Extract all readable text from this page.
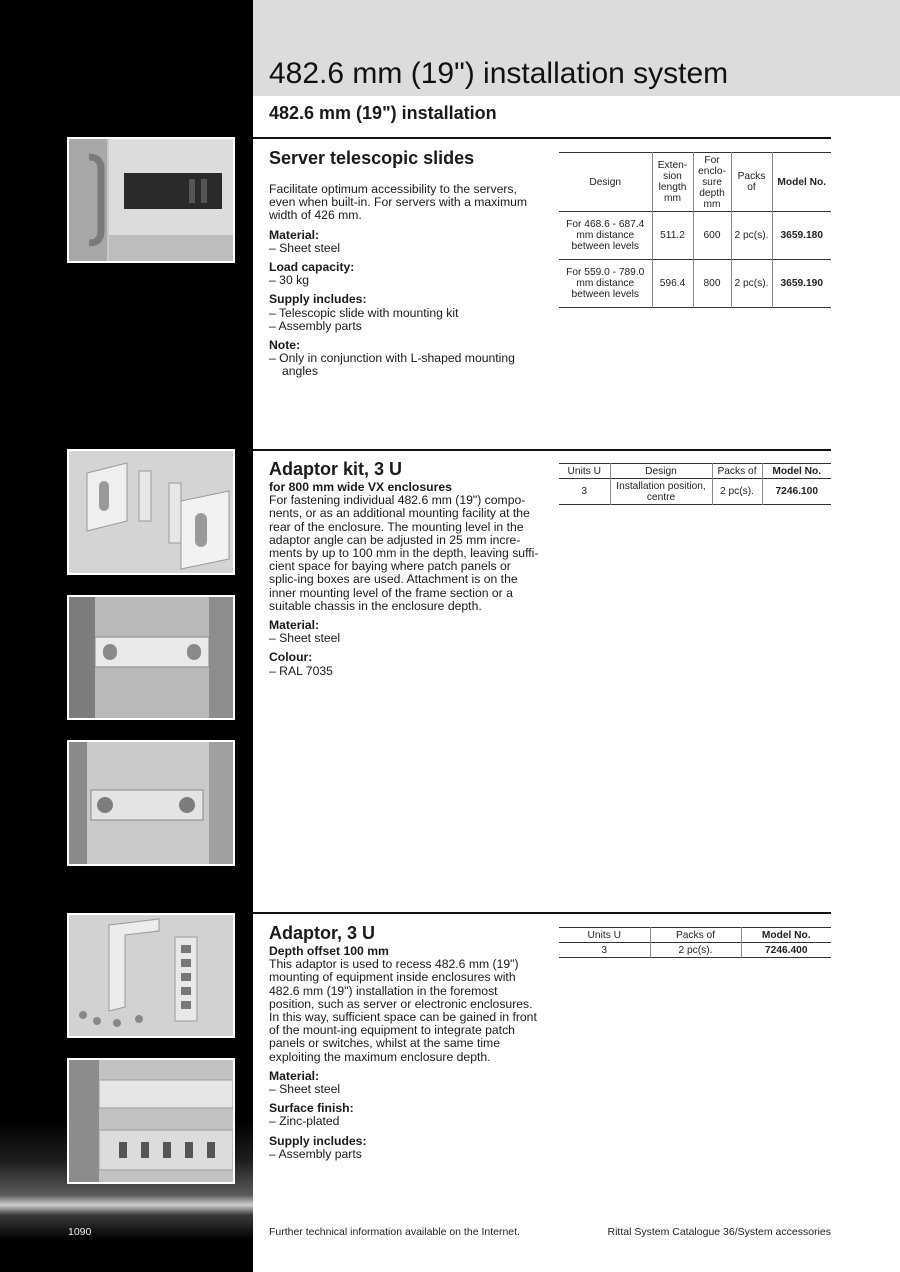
482.6 mm (19") installation system
482.6 mm (19") installation
Server telescopic slides

Facilitate optimum accessibility to the servers, even when built-in. For servers with a maximum width of 426 mm.

Material:

– Sheet steel

Load capacity:

– 30 kg

Supply includes:

– Telescopic slide with mounting kit

– Assembly parts

Note:

– Only in conjunction with L-shaped mounting angles

Design	Exten-sion length mm	For enclo-sure depth mm	Packs of	Model No.
For 468.6 - 687.4 mm distance between levels	511.2	600	2 pc(s).	3659.180
For 559.0 - 789.0 mm distance between levels	596.4	800	2 pc(s).	3659.190
Adaptor kit, 3 U

for 800 mm wide VX enclosures

For fastening individual 482.6 mm (19") compo-nents, or as an additional mounting facility at the rear of the enclosure. The mounting level in the adaptor angle can be adjusted in 25 mm incre-ments by up to 100 mm in the depth, leaving suffi-cient space for baying where patch panels or splic-ing boxes are used. Attachment is on the inner mounting level of the frame section or a suitable chassis in the enclosure depth.

Material:

– Sheet steel

Colour:

– RAL 7035

Units U	Design	Packs of	Model No.
3	Installation position, centre	2 pc(s).	7246.100
Adaptor, 3 U

Depth offset 100 mm

This adaptor is used to recess 482.6 mm (19") mounting of equipment inside enclosures with 482.6 mm (19") installation in the foremost position, such as server or electronic enclosures. In this way, sufficient space can be gained in front of the mount-ing equipment to integrate patch panels or switches, whilst at the same time exploiting the maximum enclosure depth.

Material:

– Sheet steel

Surface finish:

– Zinc-plated

Supply includes:

– Assembly parts

Units U	Packs of	Model No.
3	2 pc(s).	7246.400
1090	Further technical information available on the Internet.	Rittal System Catalogue 36/System accessories
